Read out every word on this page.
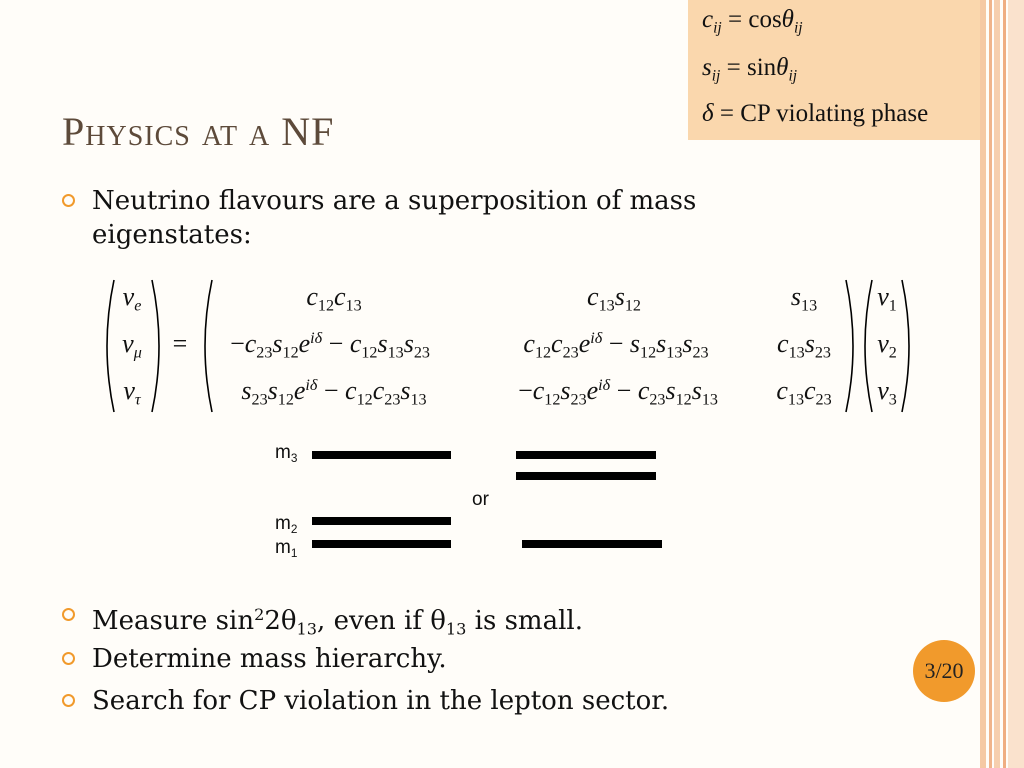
$c_{ij} = \cos\theta_{ij}$
$s_{ij} = \sin\theta_{ij}$
δ = CP violating phase
Physics at a NF
Neutrino flavours are a superposition of mass
eigenstates:
$\nu_e$
$\nu_\mu$
$\nu_\tau$
=
$c_{12}c_{13}$	$c_{13}s_{12}$	$s_{13}$
$-c_{23}s_{12}e^{i\delta} - c_{12}s_{13}s_{23}$	$c_{12}c_{23}e^{i\delta} - s_{12}s_{13}s_{23}$	$c_{13}s_{23}$
$s_{23}s_{12}e^{i\delta} - c_{12}c_{23}s_{13}$	$-c_{12}s_{23}e^{i\delta} - c_{23}s_{12}s_{13}$ $c_{13}c_{23}$
$\nu_1$
$\nu_2$
$\nu_3$
$m_3$
$m_2$
$m_1$
or
Measure $\sin^22\theta_{13}$, even if $\theta_{13}$ is small.
Determine mass hierarchy.
Search for CP violation in the lepton sector.
3/20
